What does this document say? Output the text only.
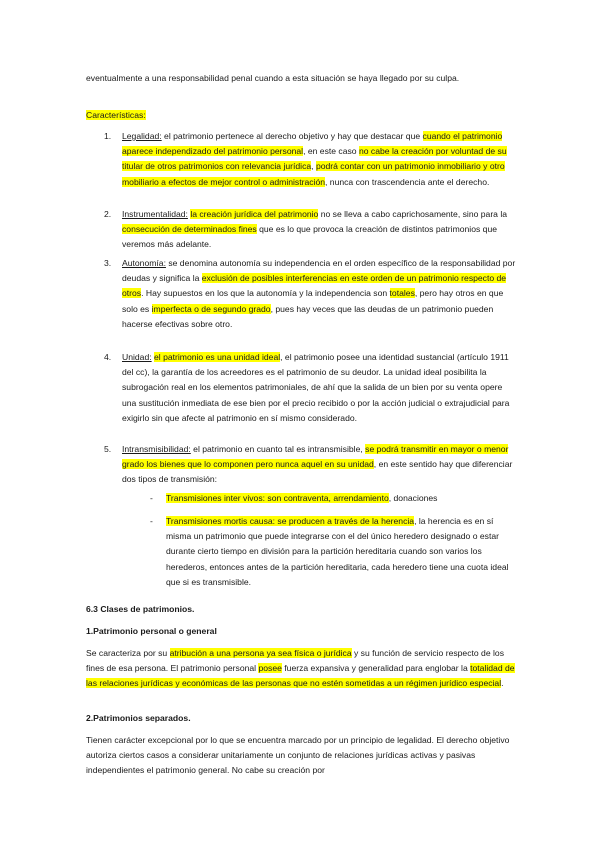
eventualmente a una responsabilidad penal cuando a esta situación se haya llegado por su culpa.

Características:

1. Legalidad: el patrimonio pertenece al derecho objetivo y hay que destacar que cuando el patrimonio aparece independizado del patrimonio personal, en este caso no cabe la creación por voluntad de su titular de otros patrimonios con relevancia jurídica, podrá contar con un patrimonio inmobiliario y otro mobiliario a efectos de mejor control o administración, nunca con trascendencia ante el derecho.

2. Instrumentalidad: la creación jurídica del patrimonio no se lleva a cabo caprichosamente, sino para la consecución de determinados fines que es lo que provoca la creación de distintos patrimonios que veremos más adelante.

3. Autonomía: se denomina autonomía su independencia en el orden específico de la responsabilidad por deudas y significa la exclusión de posibles interferencias en este orden de un patrimonio respecto de otros. Hay supuestos en los que la autonomía y la independencia son totales, pero hay otros en que solo es imperfecta o de segundo grado, pues hay veces que las deudas de un patrimonio pueden hacerse efectivas sobre otro.

4. Unidad: el patrimonio es una unidad ideal, el patrimonio posee una identidad sustancial (artículo 1911 del cc), la garantía de los acreedores es el patrimonio de su deudor. La unidad ideal posibilita la subrogación real en los elementos patrimoniales, de ahí que la salida de un bien por su venta opere una sustitución inmediata de ese bien por el precio recibido o por la acción judicial o extrajudicial para exigirlo sin que afecte al patrimonio en sí mismo considerado.

5. Intransmisibilidad: el patrimonio en cuanto tal es intransmisible, se podrá transmitir en mayor o menor grado los bienes que lo componen pero nunca aquel en su unidad, en este sentido hay que diferenciar dos tipos de transmisión:

- Transmisiones inter vivos: son contraventa, arrendamiento, donaciones

- Transmisiones mortis causa: se producen a través de la herencia, la herencia es en sí misma un patrimonio que puede integrarse con el del único heredero designado o estar durante cierto tiempo en división para la partición hereditaria cuando son varios los herederos, entonces antes de la partición hereditaria, cada heredero tiene una cuota ideal que si es transmisible.

6.3 Clases de patrimonios.

1.Patrimonio personal o general

Se caracteriza por su atribución a una persona ya sea física o jurídica y su función de servicio respecto de los fines de esa persona. El patrimonio personal posee fuerza expansiva y generalidad para englobar la totalidad de las relaciones jurídicas y económicas de las personas que no estén sometidas a un régimen jurídico especial.

2.Patrimonios separados.

Tienen carácter excepcional por lo que se encuentra marcado por un principio de legalidad. El derecho objetivo autoriza ciertos casos a considerar unitariamente un conjunto de relaciones jurídicas activas y pasivas independientes el patrimonio general. No cabe su creación por
